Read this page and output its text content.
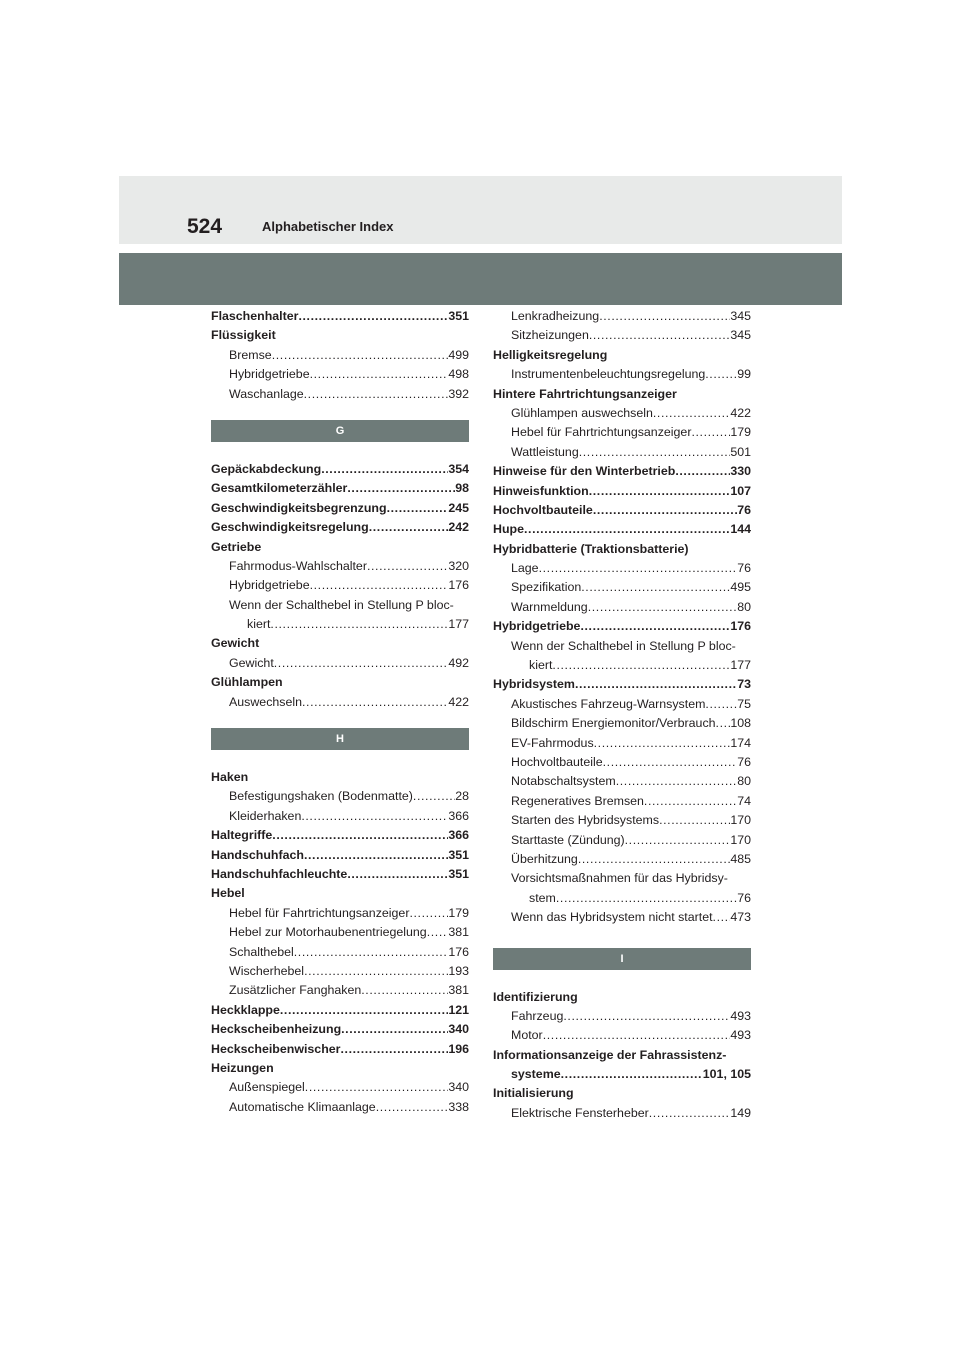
524	Alphabetischer Index
Flaschenhalter .....	351
Flüssigkeit
Bremse .....	499
Hybridgetriebe .....	498
Waschanlage .....	392
G
Gepäckabdeckung .....	354
Gesamtkilometerzähler .....	98
Geschwindigkeitsbegrenzung .....	245
Geschwindigkeitsregelung .....	242
Getriebe
Fahrmodus-Wahlschalter .....	320
Hybridgetriebe .....	176
Wenn der Schalthebel in Stellung P bloc-
kiert .....	177
Gewicht
Gewicht .....	492
Glühlampen
Auswechseln .....	422
H
Haken
Befestigungshaken (Bodenmatte) .....	28
Kleiderhaken .....	366
Haltegriffe .....	366
Handschuhfach .....	351
Handschuhfachleuchte .....	351
Hebel
Hebel für Fahrtrichtungsanzeiger .....	179
Hebel zur Motorhaubenentriegelung ..... 381
Schalthebel .....	176
Wischerhebel .....	193
Zusätzlicher Fanghaken .....	381
Heckklappe .....	121
Heckscheibenheizung .....	340
Heckscheibenwischer .....	196
Heizungen
Außenspiegel .....	340
Automatische Klimaanlage .....	338
Lenkradheizung .....	345
Sitzheizungen .....	345
Helligkeitsregelung
Instrumentenbeleuchtungsregelung .....	99
Hintere Fahrtrichtungsanzeiger
Glühlampen auswechseln .....	422
Hebel für Fahrtrichtungsanzeiger .....	179
Wattleistung .....	501
Hinweise für den Winterbetrieb .....	330
Hinweisfunktion .....	107
Hochvoltbauteile .....	76
Hupe .....	144
Hybridbatterie (Traktionsbatterie)
Lage .....	76
Spezifikation .....	495
Warnmeldung .....	80
Hybridgetriebe .....	176
Wenn der Schalthebel in Stellung P bloc-
kiert .....	177
Hybridsystem .....	73
Akustisches Fahrzeug-Warnsystem .....	75
Bildschirm Energiemonitor/Verbrauch ..... 108
EV-Fahrmodus .....	174
Hochvoltbauteile .....	76
Notabschaltsystem .....	80
Regeneratives Bremsen .....	74
Starten des Hybridsystems .....	170
Starttaste (Zündung) .....	170
Überhitzung .....	485
Vorsichtsmaßnahmen für das Hybridsy-
stem .....	76
Wenn das Hybridsystem nicht startet ..... 473
I
Identifizierung
Fahrzeug .....	493
Motor .....	493
Informationsanzeige der Fahrassistenz-
systeme .....	101, 105
Initialisierung
Elektrische Fensterheber .....	149
